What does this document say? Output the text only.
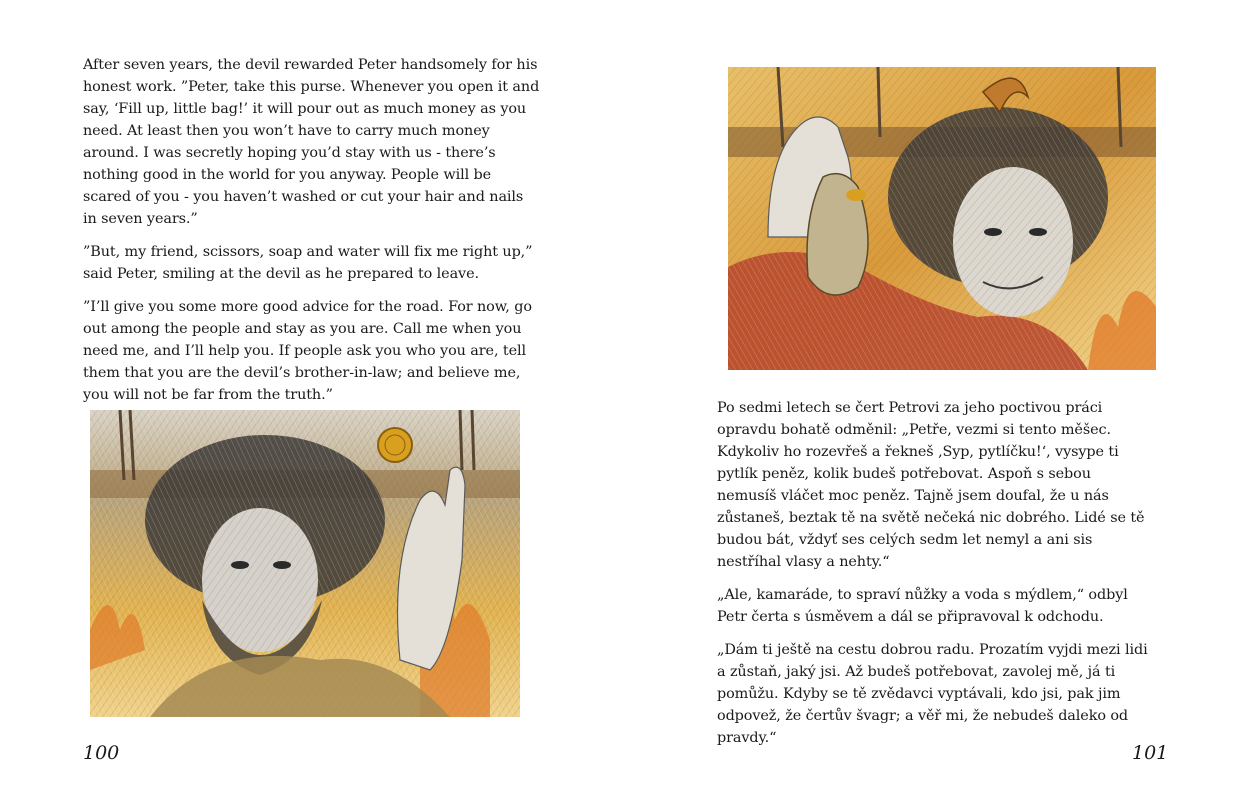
After seven years, the devil rewarded Peter handsomely for his honest work. ”Peter, take this purse. Whenever you open it and say, ‘Fill up, little bag!’ it will pour out as much money as you need. At least then you won’t have to carry much money around. I was secretly hoping you’d stay with us - there’s nothing good in the world for you anyway. People will be scared of you - you haven’t washed or cut your hair and nails in seven years.”

”But, my friend, scissors, soap and water will fix me right up,” said Peter, smiling at the devil as he prepared to leave.

”I’ll give you some more good advice for the road. For now, go out among the people and stay as you are. Call me when you need me, and I’ll help you. If people ask you who you are, tell them that you are the devil’s brother-in-law; and believe me, you will not be far from the truth.”

100

Po sedmi letech se čert Petrovi za jeho poctivou práci opravdu bohatě odměnil: „Petře, vezmi si tento měšec. Kdykoliv ho rozevřeš a řekneš ‚Syp, pytlíčku!‘, vysype ti pytlík peněz, kolik budeš potřebovat. Aspoň s sebou nemusíš vláčet moc peněz. Tajně jsem doufal, že u nás zůstaneš, beztak tě na světě nečeká nic dobrého. Lidé se tě budou bát, vždyť ses celých sedm let nemyl a ani sis nestříhal vlasy a nehty.“

„Ale, kamaráde, to spraví nůžky a voda s mýdlem,“ odbyl Petr čerta s úsměvem a dál se připravoval k odchodu.

„Dám ti ještě na cestu dobrou radu. Prozatím vyjdi mezi lidi a zůstaň, jaký jsi. Až budeš potřebovat, zavolej mě, já ti pomůžu. Kdyby se tě zvědavci vyptávali, kdo jsi, pak jim odpovež, že čertův švagr; a věř mi, že nebudeš daleko od pravdy.“

101
